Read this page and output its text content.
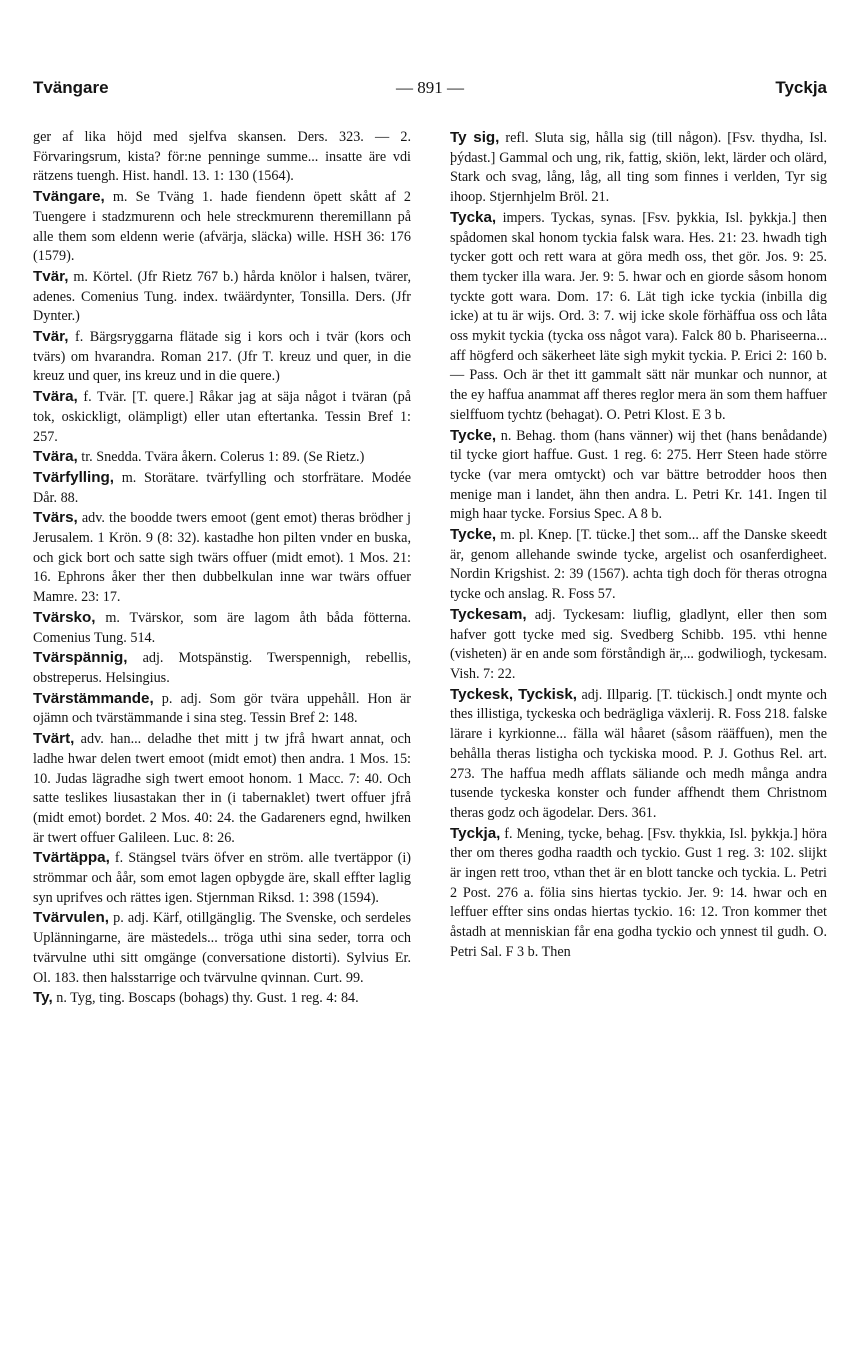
Tvängare	— 891 —	Tyckja

ger af lika höjd med sjelfva skansen. Ders. 323. — 2. Förvaringsrum, kista? för:ne penninge summe... insatte äre vdi rätzens tuengh. Hist. handl. 13. 1: 130 (1564).

Tvängare, m. Se Tväng 1. hade fiendenn öpett skått af 2 Tuengere i stadzmurenn och hele streckmurenn theremillann på alle them som eldenn werie (afvärja, släcka) wille. HSH 36: 176 (1579).

Tvär, m. Körtel. (Jfr Rietz 767 b.) hårda knölor i halsen, tvärer, adenes. Comenius Tung. index. twäärdynter, Tonsilla. Ders. (Jfr Dynter.)

Tvär, f. Bärgsryggarna flätade sig i kors och i tvär (kors och tvärs) om hvarandra. Roman 217. (Jfr T. kreuz und quer, in die kreuz und quer, ins kreuz und in die quere.)

Tvära, f. Tvär. [T. quere.] Råkar jag at säja något i tväran (på tok, oskickligt, olämpligt) eller utan eftertanka. Tessin Bref 1: 257.

Tvära, tr. Snedda. Tvära åkern. Colerus 1: 89. (Se Rietz.)

Tvärfylling, m. Storätare. tvärfylling och storfrätare. Modée Dår. 88.

Tvärs, adv. the boodde twers emoot (gent emot) theras brödher j Jerusalem. 1 Krön. 9 (8: 32). kastadhe hon pilten vnder en buska, och gick bort och satte sigh twärs offuer (midt emot). 1 Mos. 21: 16. Ephrons åker ther then dubbelkulan inne war twärs offuer Mamre. 23: 17.

Tvärsko, m. Tvärskor, som äre lagom åth båda fötterna. Comenius Tung. 514.

Tvärspännig, adj. Motspänstig. Twerspennigh, rebellis, obstreperus. Helsingius.

Tvärstämmande, p. adj. Som gör tvära uppehåll. Hon är ojämn och tvärstämmande i sina steg. Tessin Bref 2: 148.

Tvärt, adv. han... deladhe thet mitt j tw jfrå hwart annat, och ladhe hwar delen twert emoot (midt emot) then andra. 1 Mos. 15: 10. Judas lägradhe sigh twert emoot honom. 1 Macc. 7: 40. Och satte teslikes liusastakan ther in (i tabernaklet) twert offuer jfrå (midt emot) bordet. 2 Mos. 40: 24. the Gadareners egnd, hwilken är twert offuer Galileen. Luc. 8: 26.

Tvärtäppa, f. Stängsel tvärs öfver en ström. alle tvertäppor (i) strömmar och åår, som emot lagen opbygde äre, skall effter laglig syn uprifves och rättes igen. Stjernman Riksd. 1: 398 (1594).

Tvärvulen, p. adj. Kärf, otillgänglig. The Svenske, och serdeles Uplänningarne, äre mästedels... tröga uthi sina seder, torra och tvärvulne uthi sitt omgänge (conversatione distorti). Sylvius Er. Ol. 183. then halsstarrige och tvärvulne qvinnan. Curt. 99.

Ty, n. Tyg, ting. Boscaps (bohags) thy. Gust. 1 reg. 4: 84.

Ty sig, refl. Sluta sig, hålla sig (till någon). [Fsv. thydha, Isl. þýdast.] Gammal och ung, rik, fattig, skiön, lekt, lärder och olärd, Stark och svag, lång, låg, all ting som finnes i verlden, Tyr sig ihoop. Stjernhjelm Bröl. 21.

Tycka, impers. Tyckas, synas. [Fsv. þykkia, Isl. þykkja.] then spådomen skal honom tyckia falsk wara. Hes. 21: 23. hwadh tigh tycker gott och rett wara at göra medh oss, thet gör. Jos. 9: 25. them tycker illa wara. Jer. 9: 5. hwar och en giorde såsom honom tyckte gott wara. Dom. 17: 6. Lät tigh icke tyckia (inbilla dig icke) at tu är wijs. Ord. 3: 7. wij icke skole förhäffua oss och låta oss mykit tyckia (tycka oss något vara). Falck 80 b. Phariseerna... aff högferd och säkerheet läte sigh mykit tyckia. P. Erici 2: 160 b. — Pass. Och är thet itt gammalt sätt när munkar och nunnor, at the ey haffua anammat aff theres reglor mera än som them haffuer sielffuom tychtz (behagat). O. Petri Klost. E 3 b.

Tycke, n. Behag. thom (hans vänner) wij thet (hans benådande) til tycke giort haffue. Gust. 1 reg. 6: 275. Herr Steen hade större tycke (var mera omtyckt) och var bättre betrodder hoos then menige man i landet, ähn then andra. L. Petri Kr. 141. Ingen til migh haar tycke. Forsius Spec. A 8 b.

Tycke, m. pl. Knep. [T. tücke.] thet som... aff the Danske skeedt är, genom allehande swinde tycke, argelist och osanferdigheet. Nordin Krigshist. 2: 39 (1567). achta tigh doch för theras otrogna tycke och anslag. R. Foss 57.

Tyckesam, adj. Tyckesam: liuflig, gladlynt, eller then som hafver gott tycke med sig. Svedberg Schibb. 195. vthi henne (visheten) är en ande som förståndigh är,... godwiliogh, tyckesam. Vish. 7: 22.

Tyckesk, Tyckisk, adj. Illparig. [T. tückisch.] ondt mynte och thes illistiga, tyckeska och bedrägliga växlerij. R. Foss 218. falske lärare i kyrkionne... fälla wäl håaret (såsom rääffuen), men the behålla theras listigha och tyckiska mood. P. J. Gothus Rel. art. 273. The haffua medh afflats säliande och medh många andra tusende tyckeska konster och funder affhendt them Christnom theras godz och ägodelar. Ders. 361.

Tyckja, f. Mening, tycke, behag. [Fsv. thykkia, Isl. þykkja.] höra ther om theres godha raadth och tyckio. Gust 1 reg. 3: 102. slijkt är ingen rett troo, vthan thet är en blott tancke och tyckia. L. Petri 2 Post. 276 a. fölia sins hiertas tyckio. Jer. 9: 14. hwar och en leffuer effter sins ondas hiertas tyckio. 16: 12. Tron kommer thet åstadh at menniskian får ena godha tyckio och ynnest til gudh. O. Petri Sal. F 3 b. Then
